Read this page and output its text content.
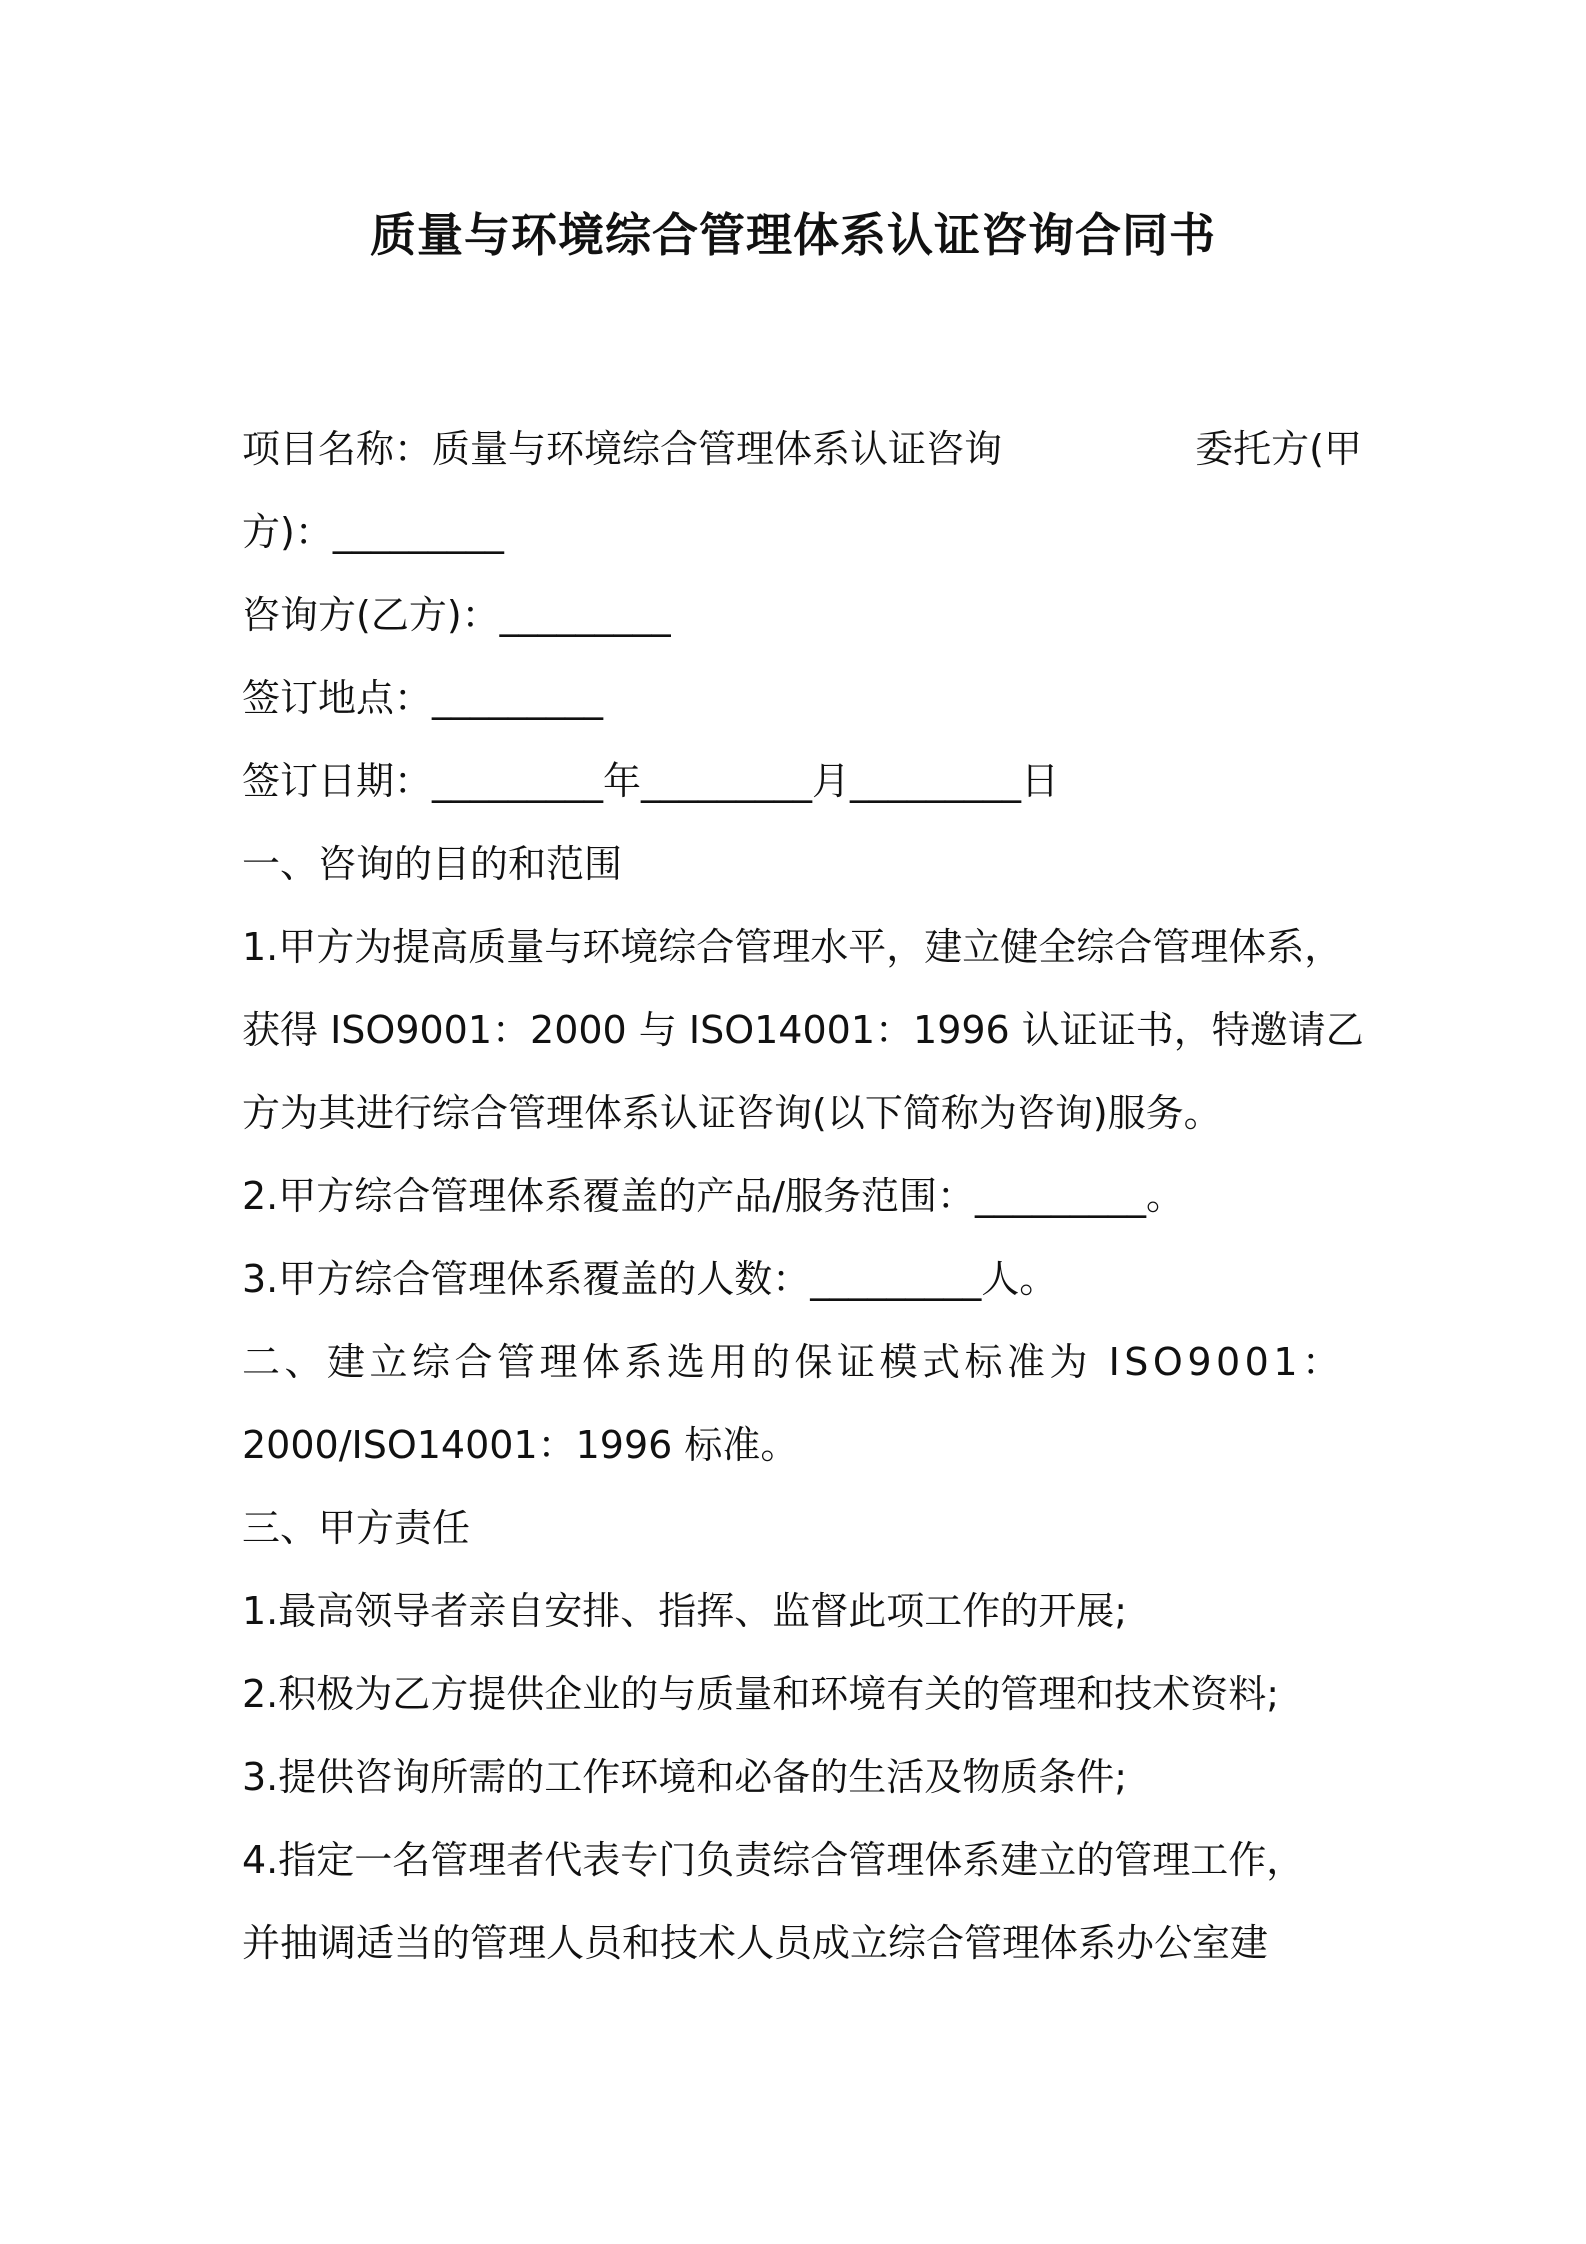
质量与环境综合管理体系认证咨询合同书
项目名称：质量与环境综合管理体系认证咨询	委托方(甲
方)：_________
咨询方(乙方)：_________
签订地点：_________
签订日期：_________年_________月_________日
一、咨询的目的和范围
1.甲方为提高质量与环境综合管理水平，建立健全综合管理体系，
获得 ISO9001：2000 与 ISO14001：1996 认证证书，特邀请乙
方为其进行综合管理体系认证咨询(以下简称为咨询)服务。
2.甲方综合管理体系覆盖的产品/服务范围：_________。
3.甲方综合管理体系覆盖的人数：_________人。
二、建立综合管理体系选用的保证模式标准为 ISO9001：
2000/ISO14001：1996 标准。
三、甲方责任
1.最高领导者亲自安排、指挥、监督此项工作的开展;
2.积极为乙方提供企业的与质量和环境有关的管理和技术资料;
3.提供咨询所需的工作环境和必备的生活及物质条件;
4.指定一名管理者代表专门负责综合管理体系建立的管理工作，
并抽调适当的管理人员和技术人员成立综合管理体系办公室建
